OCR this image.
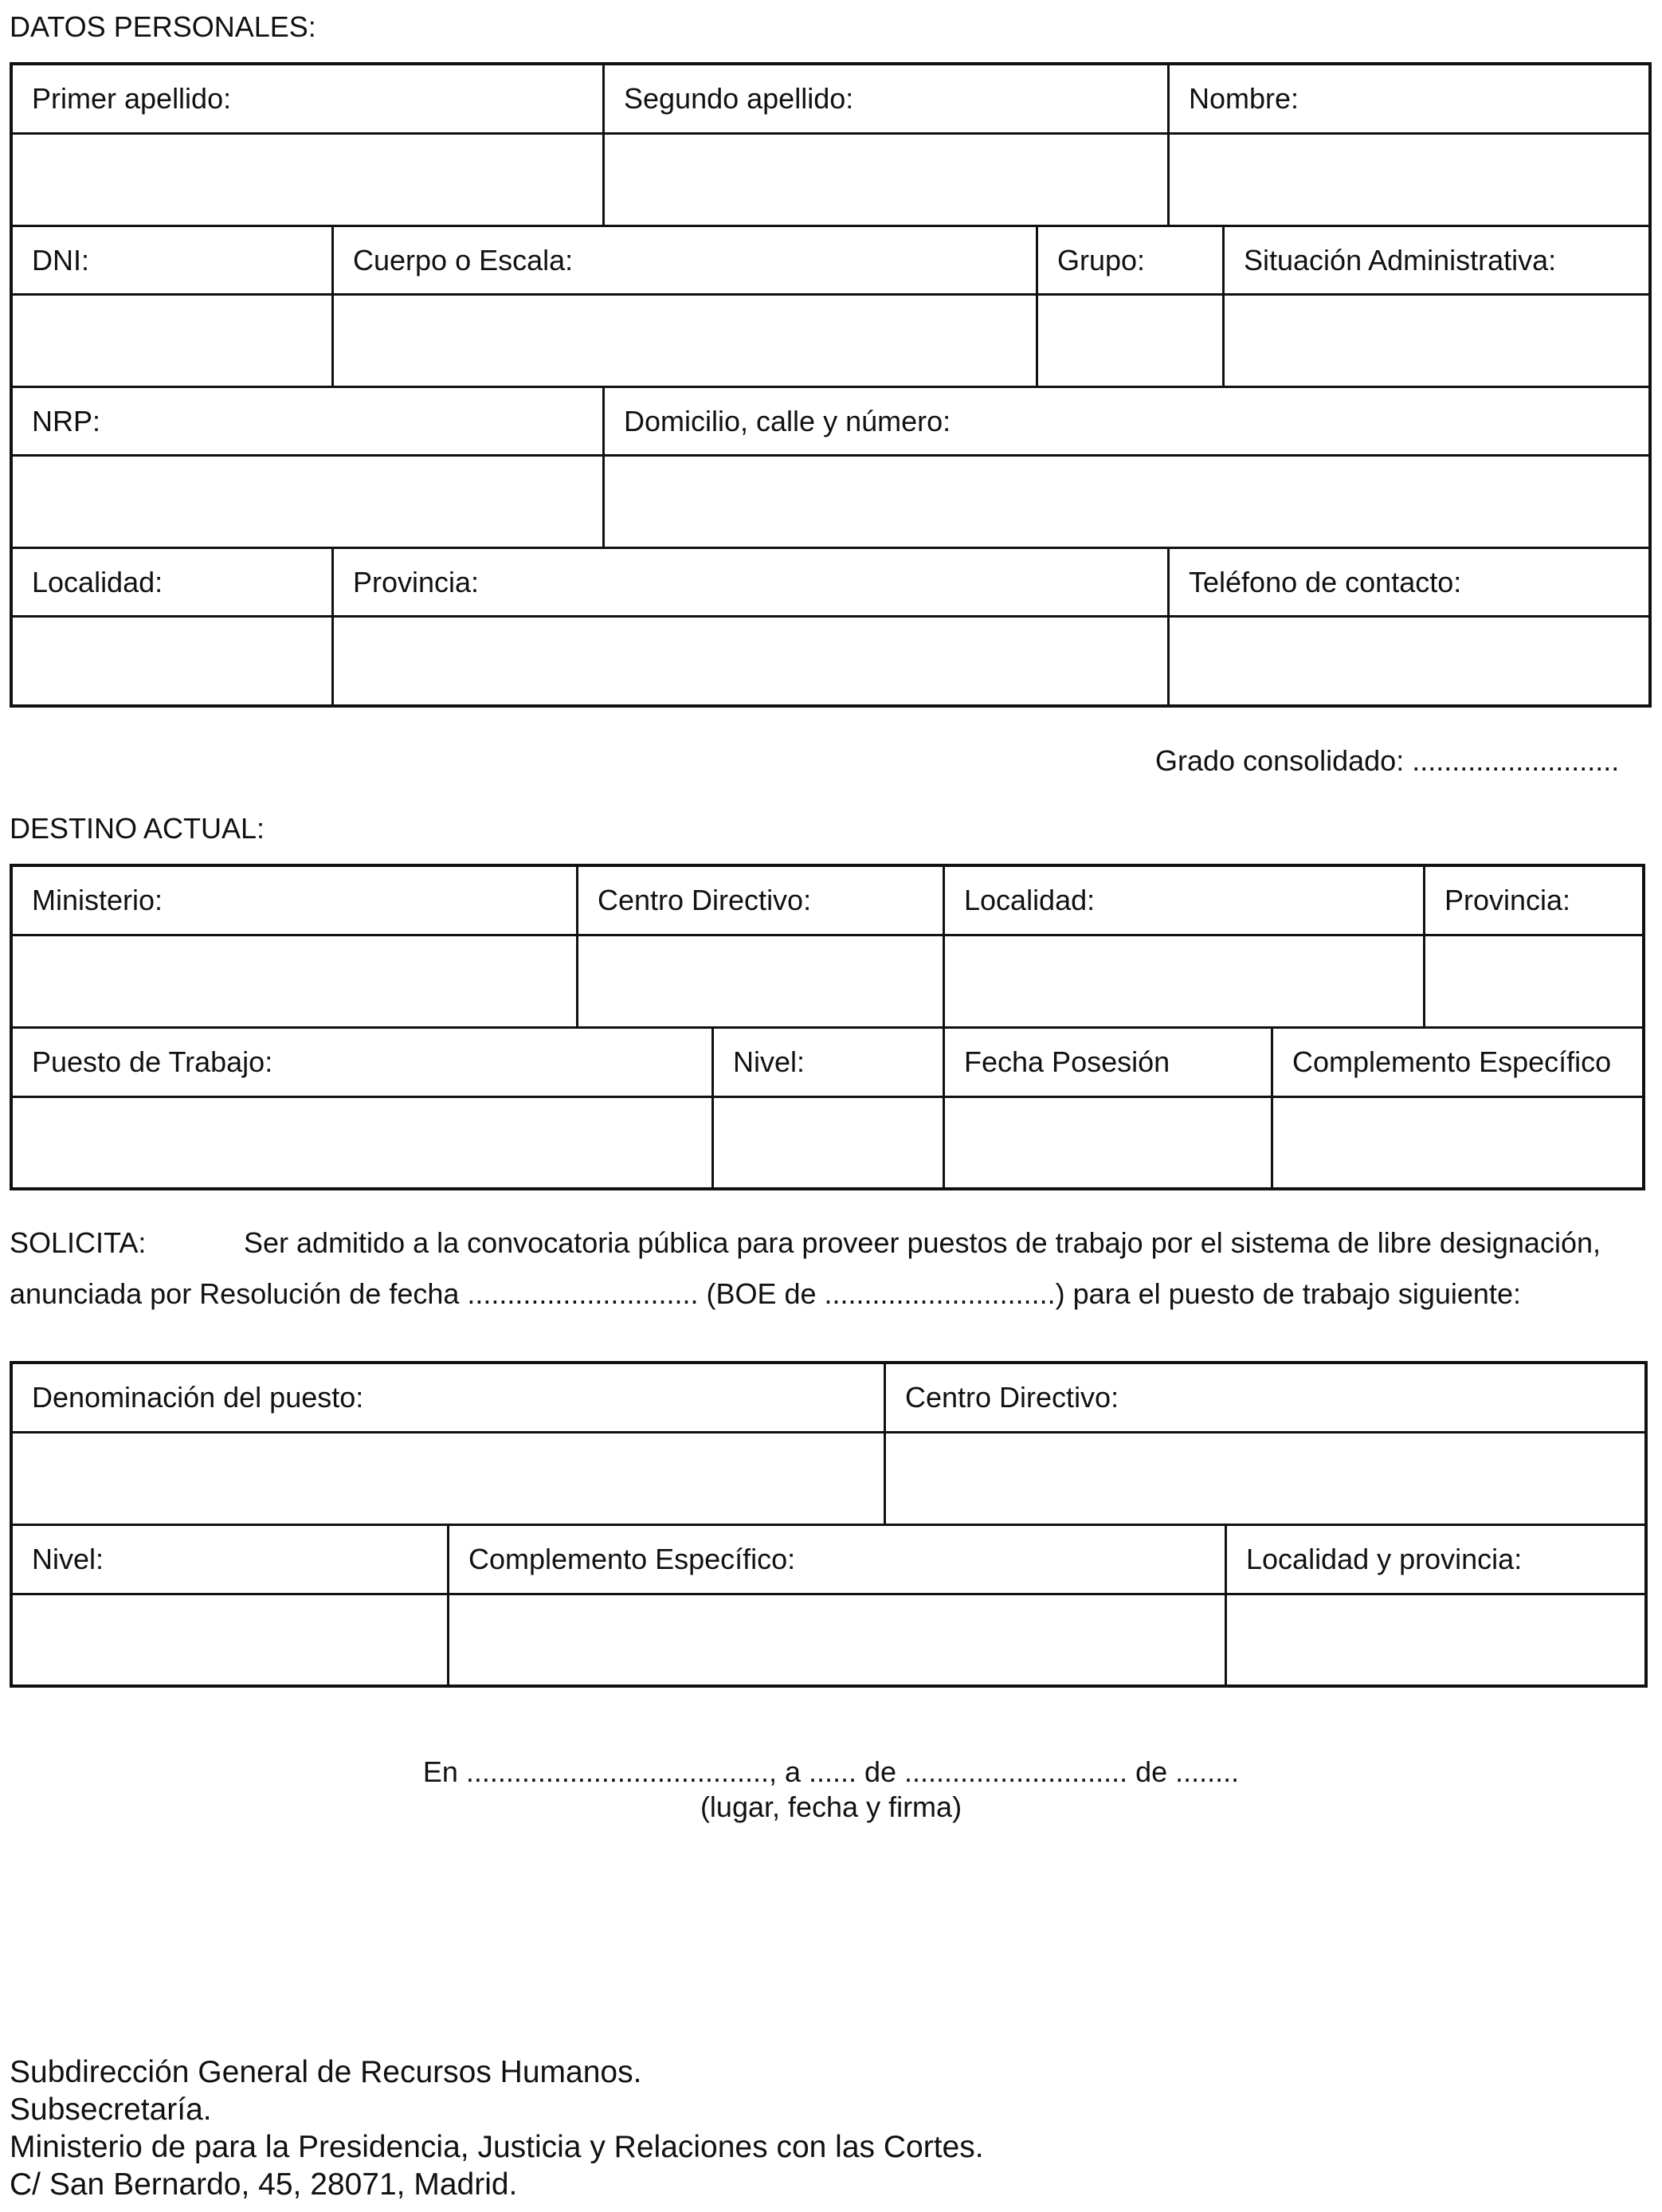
DATOS PERSONALES:
Primer apellido:	Segundo apellido:	Nombre:
DNI:	Cuerpo o Escala:	Grupo:	Situación Administrativa:
NRP:	Domicilio, calle y número:
Localidad:	Provincia:	Teléfono de contacto:
Grado consolidado: ..........................
DESTINO ACTUAL:
Ministerio:	Centro Directivo:	Localidad:	Provincia:
Puesto de Trabajo:	Nivel:	Fecha Posesión	Complemento Específico
SOLICITA:	Ser admitido a la convocatoria pública para proveer puestos de trabajo por el sistema de libre designación,
anunciada por Resolución de fecha ............................. (BOE de .............................) para el puesto de trabajo siguiente:
Denominación del puesto:	Centro Directivo:
Nivel:	Complemento Específico:	Localidad y provincia:
En ......................................, a ...... de ............................ de ........
(lugar, fecha y firma)
Subdirección General de Recursos Humanos.
Subsecretaría.
Ministerio de para la Presidencia, Justicia y Relaciones con las Cortes.
C/ San Bernardo, 45, 28071, Madrid.
